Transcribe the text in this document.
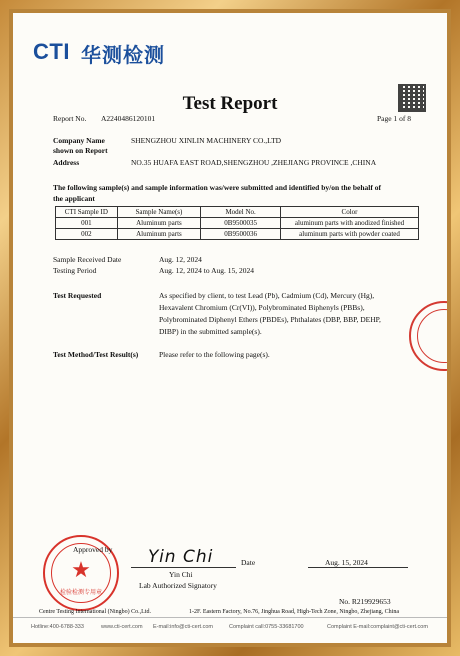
CTI 华测检测
Test Report
Report No. A2240486120101	Page 1 of 8
Company Name
shown on Report
SHENGZHOU XINLIN MACHINERY CO.,LTD
Address	NO.35 HUAFA EAST ROAD,SHENGZHOU ,ZHEJIANG PROVINCE ,CHINA
The following sample(s) and sample information was/were submitted and identified by/on the behalf of
the applicant
CTI Sample ID	Sample Name(s)	Model No.	Color
001	Aluminum parts	0B9500035	aluminum parts with anodized finished
002	Aluminum parts	0B9500036	aluminum parts with powder coated
Sample Received Date	Aug. 12, 2024
Testing Period	Aug. 12, 2024 to Aug. 15, 2024
Test Requested	As specified by client, to test Lead (Pb), Cadmium (Cd), Mercury (Hg),
Hexavalent Chromium (Cr(VI)), Polybrominated Biphenyls (PBBs),
Polybrominated Diphenyl Ethers (PBDEs), Phthalates (DBP, BBP, DEHP,
DIBP) in the submitted sample(s).
Test Method/Test Result(s)	Please refer to the following page(s).
★
检验检测专用章
Approved by Yin Chi
Yin Chi
Lab Authorized Signatory
Date	Aug. 15, 2024
No. R219929653
Centre Testing International (Ningbo) Co.,Ltd.	1-2F. Eastern Factory, No.76, Jinghua Road, High-Tech Zone, Ningbo, Zhejiang, China
Hotline:400-6788-333	www.cti-cert.com E-mail:info@cti-cert.com	Complaint call:0755-33681700	Complaint E-mail:complaint@cti-cert.com
